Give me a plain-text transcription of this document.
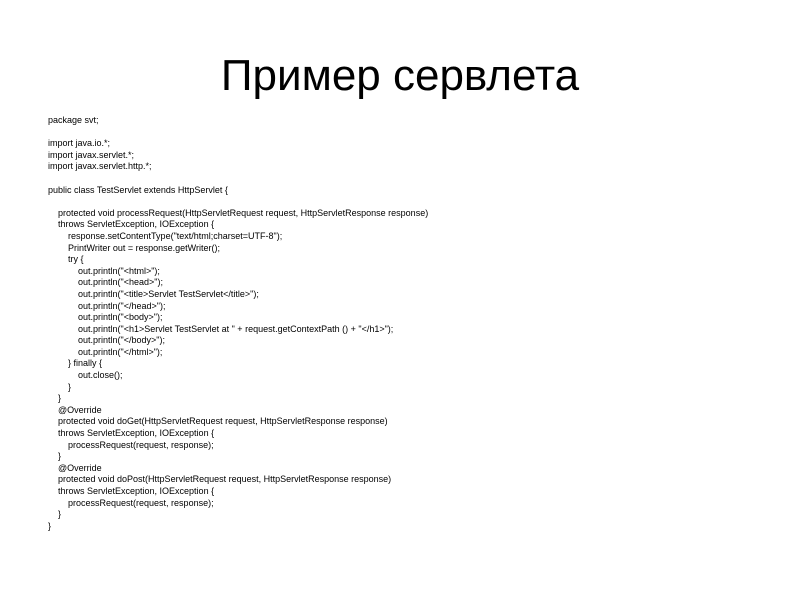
Пример сервлета
package svt;
import java.io.*;
import javax.servlet.*;
import javax.servlet.http.*;
public class TestServlet extends HttpServlet {
protected void processRequest(HttpServletRequest request, HttpServletResponse response)
throws ServletException, IOException {
response.setContentType("text/html;charset=UTF-8");
PrintWriter out = response.getWriter();
try {
out.println("<html>");
out.println("<head>");
out.println("<title>Servlet TestServlet</title>");
out.println("</head>");
out.println("<body>");
out.println("<h1>Servlet TestServlet at " + request.getContextPath () + "</h1>");
out.println("</body>");
out.println("</html>");
} finally {
out.close();
}
}
@Override
protected void doGet(HttpServletRequest request, HttpServletResponse response)
throws ServletException, IOException {
processRequest(request, response);
}
@Override
protected void doPost(HttpServletRequest request, HttpServletResponse response)
throws ServletException, IOException {
processRequest(request, response);
}
}
